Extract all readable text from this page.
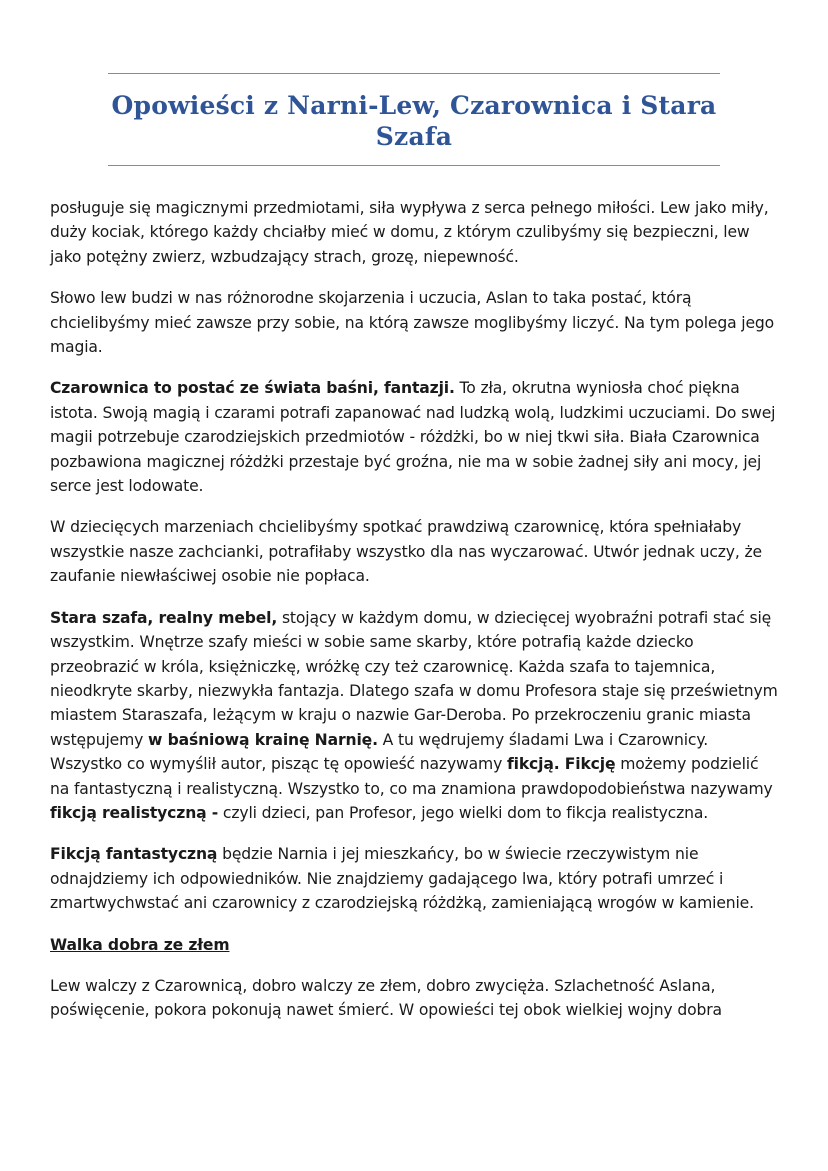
Opowieści z Narni-Lew, Czarownica i Stara Szafa

posługuje się magicznymi przedmiotami, siła wypływa z serca pełnego miłości. Lew jako miły, duży kociak, którego każdy chciałby mieć w domu, z którym czulibyśmy się bezpieczni, lew jako potężny zwierz, wzbudzający strach, grozę, niepewność.

Słowo lew budzi w nas różnorodne skojarzenia i uczucia, Aslan to taka postać, którą chcielibyśmy mieć zawsze przy sobie, na którą zawsze moglibyśmy liczyć. Na tym polega jego magia.

Czarownica to postać ze świata baśni, fantazji. To zła, okrutna wyniosła choć piękna istota. Swoją magią i czarami potrafi zapanować nad ludzką wolą, ludzkimi uczuciami. Do swej magii potrzebuje czarodziejskich przedmiotów - różdżki, bo w niej tkwi siła. Biała Czarownica pozbawiona magicznej różdżki przestaje być groźna, nie ma w sobie żadnej siły ani mocy, jej serce jest lodowate.

W dziecięcych marzeniach chcielibyśmy spotkać prawdziwą czarownicę, która spełniałaby wszystkie nasze zachcianki, potrafiłaby wszystko dla nas wyczarować. Utwór jednak uczy, że zaufanie niewłaściwej osobie nie popłaca.

Stara szafa, realny mebel, stojący w każdym domu, w dziecięcej wyobraźni potrafi stać się wszystkim. Wnętrze szafy mieści w sobie same skarby, które potrafią każde dziecko przeobrazić w króla, księżniczkę, wróżkę czy też czarownicę. Każda szafa to tajemnica, nieodkryte skarby, niezwykła fantazja. Dlatego szafa w domu Profesora staje się prześwietnym miastem Staraszafa, leżącym w kraju o nazwie Gar-Deroba. Po przekroczeniu granic miasta wstępujemy w baśniową krainę Narnię. A tu wędrujemy śladami Lwa i Czarownicy. Wszystko co wymyślił autor, pisząc tę opowieść nazywamy fikcją. Fikcję możemy podzielić na fantastyczną i realistyczną. Wszystko to, co ma znamiona prawdopodobieństwa nazywamy fikcją realistyczną - czyli dzieci, pan Profesor, jego wielki dom to fikcja realistyczna.

Fikcją fantastyczną będzie Narnia i jej mieszkańcy, bo w świecie rzeczywistym nie odnajdziemy ich odpowiedników. Nie znajdziemy gadającego lwa, który potrafi umrzeć i zmartwychwstać ani czarownicy z czarodziejską różdżką, zamieniającą wrogów w kamienie.

Walka dobra ze złem

Lew walczy z Czarownicą, dobro walczy ze złem, dobro zwycięża. Szlachetność Aslana, poświęcenie, pokora pokonują nawet śmierć. W opowieści tej obok wielkiej wojny dobra
